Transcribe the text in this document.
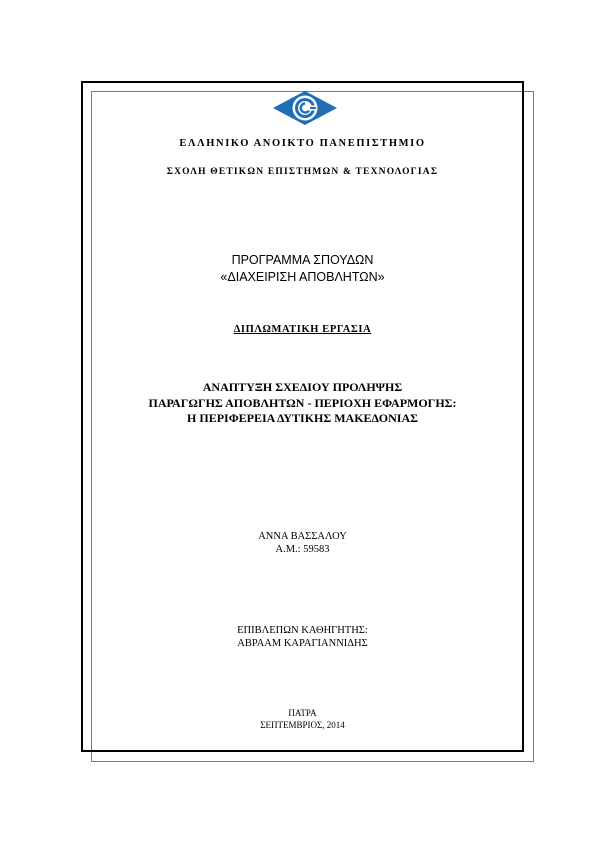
ΕΛΛΗΝΙΚΟ ΑΝΟΙΚΤΟ ΠΑΝΕΠΙΣΤΗΜΙΟ
ΣΧΟΛΗ ΘΕΤΙΚΩΝ ΕΠΙΣΤΗΜΩΝ & ΤΕΧΝΟΛΟΓΙΑΣ
ΠΡΟΓΡΑΜΜΑ ΣΠΟΥΔΩΝ
«ΔΙΑΧΕΙΡΙΣΗ ΑΠΟΒΛΗΤΩΝ»
ΔΙΠΛΩΜΑΤΙΚΗ ΕΡΓΑΣΙΑ
ΑΝΑΠΤΥΞΗ ΣΧΕΔΙΟΥ ΠΡΟΛΗΨΗΣ
ΠΑΡΑΓΩΓΗΣ ΑΠΟΒΛΗΤΩΝ - ΠΕΡΙΟΧΗ ΕΦΑΡΜΟΓΗΣ:
Η ΠΕΡΙΦΕΡΕΙΑ ΔΥΤΙΚΗΣ ΜΑΚΕΔΟΝΙΑΣ
ΑΝΝΑ ΒΑΣΣΑΛΟΥ
Α.Μ.: 59583
ΕΠΙΒΛΕΠΩΝ ΚΑΘΗΓΗΤΗΣ:
ΑΒΡΑΑΜ ΚΑΡΑΓΙΑΝΝΙΔΗΣ
ΠΑΤΡΑ
ΣΕΠΤΕΜΒΡΙΟΣ, 2014
